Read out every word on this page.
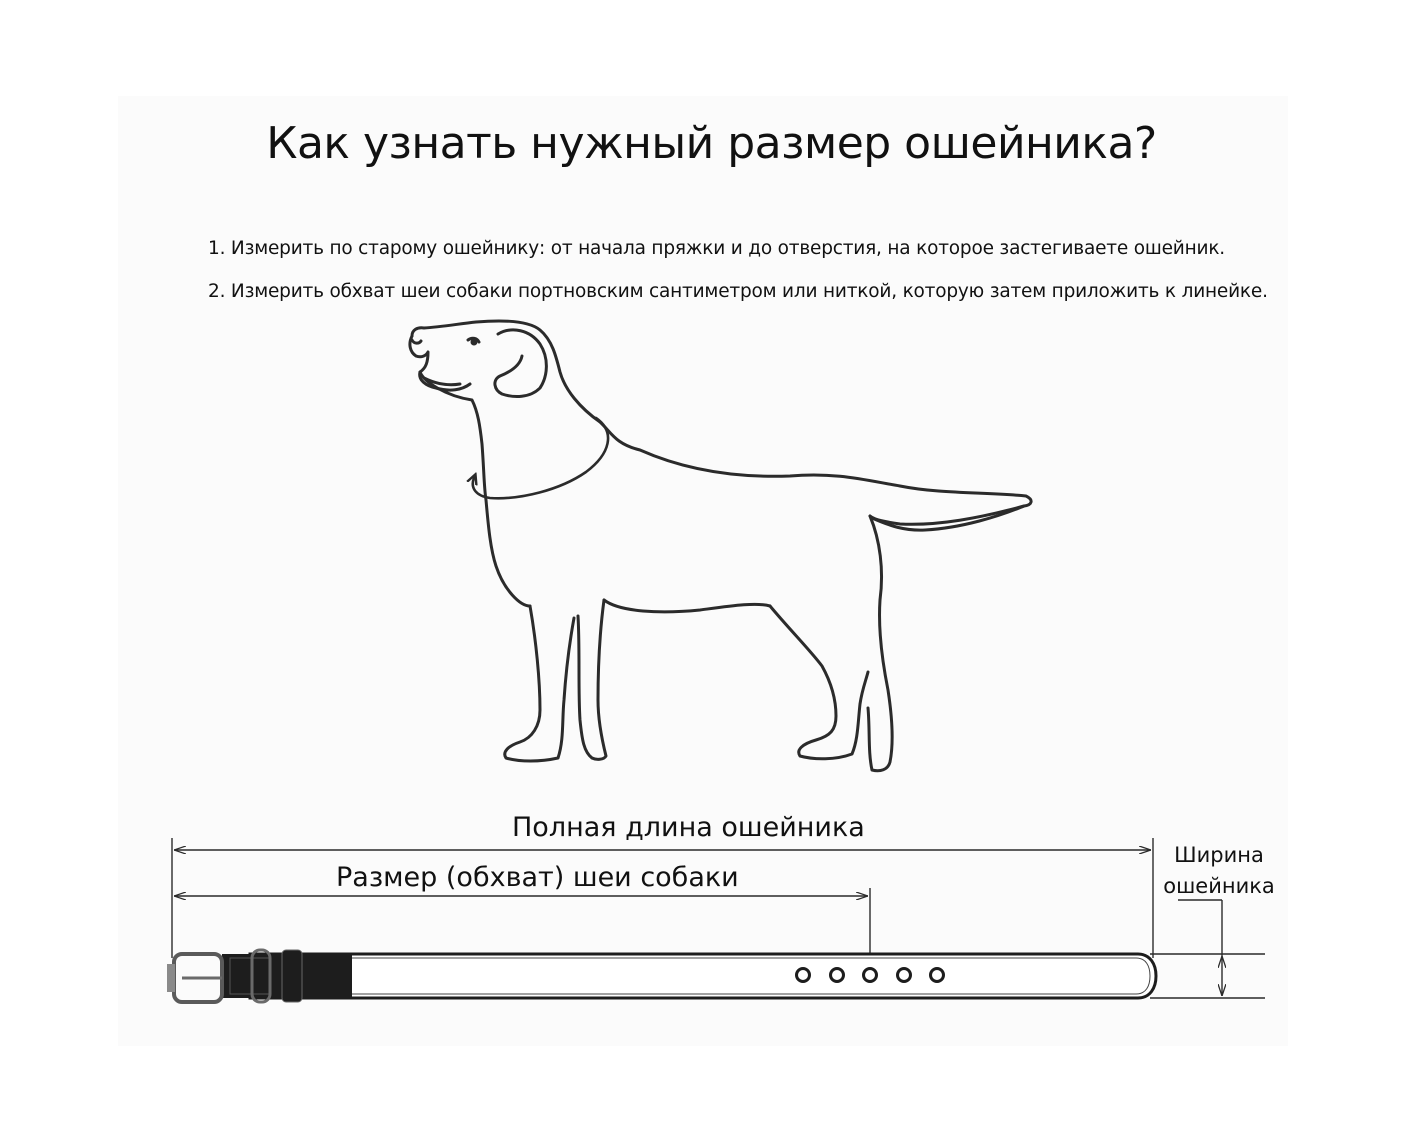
Как узнать нужный размер ошейника?
1. Измерить по старому ошейнику: от начала пряжки и до отверстия, на которое застегиваете ошейник.
2. Измерить обхват шеи собаки портновским сантиметром или ниткой, которую затем приложить к линейке.
Полная длина ошейника
Размер (обхват) шеи собаки
Ширина
ошейника
